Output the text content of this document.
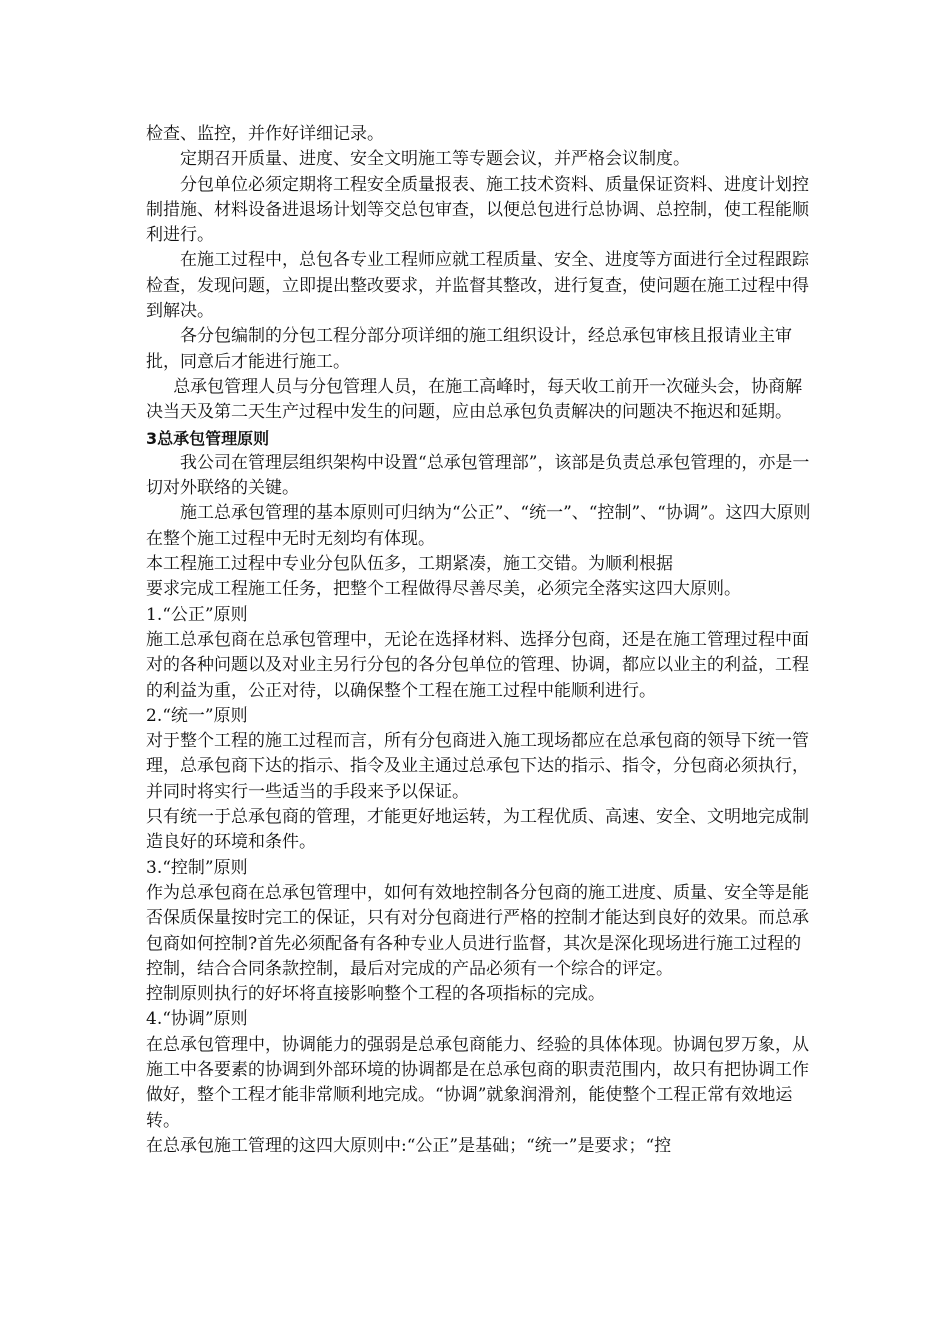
检查、监控，并作好详细记录。

定期召开质量、进度、安全文明施工等专题会议，并严格会议制度。

分包单位必须定期将工程安全质量报表、施工技术资料、质量保证资料、进度计划控制措施、材料设备进退场计划等交总包审查，以便总包进行总协调、总控制，使工程能顺利进行。

在施工过程中，总包各专业工程师应就工程质量、安全、进度等方面进行全过程跟踪检查，发现问题，立即提出整改要求，并监督其整改，进行复查，使问题在施工过程中得到解决。

各分包编制的分包工程分部分项详细的施工组织设计，经总承包审核且报请业主审批，同意后才能进行施工。

总承包管理人员与分包管理人员，在施工高峰时，每天收工前开一次碰头会，协商解决当天及第二天生产过程中发生的问题，应由总承包负责解决的问题决不拖迟和延期。

3总承包管理原则

我公司在管理层组织架构中设置“总承包管理部”，该部是负责总承包管理的，亦是一切对外联络的关键。

施工总承包管理的基本原则可归纳为“公正”、“统一”、“控制”、“协调”。这四大原则在整个施工过程中无时无刻均有体现。

本工程施工过程中专业分包队伍多，工期紧凑，施工交错。为顺利根据

要求完成工程施工任务，把整个工程做得尽善尽美，必须完全落实这四大原则。

1.“公正”原则

施工总承包商在总承包管理中，无论在选择材料、选择分包商，还是在施工管理过程中面对的各种问题以及对业主另行分包的各分包单位的管理、协调，都应以业主的利益，工程的利益为重，公正对待，以确保整个工程在施工过程中能顺利进行。

2.“统一”原则

对于整个工程的施工过程而言，所有分包商进入施工现场都应在总承包商的领导下统一管理，总承包商下达的指示、指令及业主通过总承包下达的指示、指令，分包商必须执行，并同时将实行一些适当的手段来予以保证。

只有统一于总承包商的管理，才能更好地运转，为工程优质、高速、安全、文明地完成制造良好的环境和条件。

3.“控制”原则

作为总承包商在总承包管理中，如何有效地控制各分包商的施工进度、质量、安全等是能否保质保量按时完工的保证，只有对分包商进行严格的控制才能达到良好的效果。而总承包商如何控制?首先必须配备有各种专业人员进行监督，其次是深化现场进行施工过程的控制，结合合同条款控制，最后对完成的产品必须有一个综合的评定。

控制原则执行的好坏将直接影响整个工程的各项指标的完成。

4.“协调”原则

在总承包管理中，协调能力的强弱是总承包商能力、经验的具体体现。协调包罗万象，从施工中各要素的协调到外部环境的协调都是在总承包商的职责范围内，故只有把协调工作做好，整个工程才能非常顺利地完成。“协调”就象润滑剂，能使整个工程正常有效地运转。

在总承包施工管理的这四大原则中:“公正”是基础；“统一”是要求；“控
